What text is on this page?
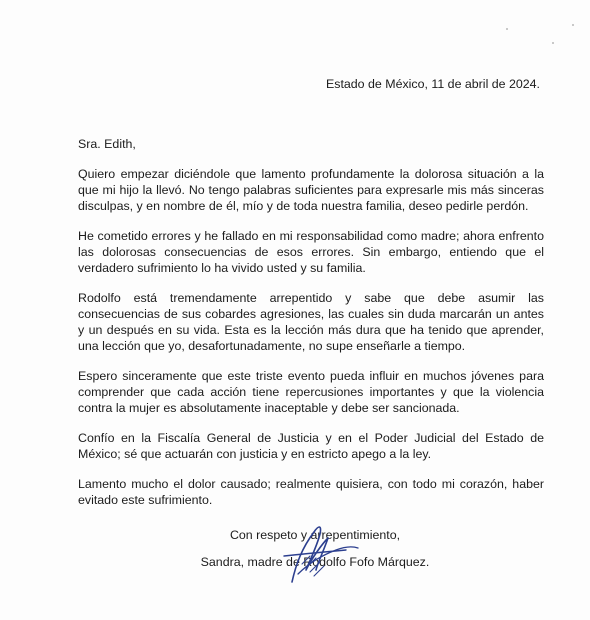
Estado de México, 11 de abril de 2024.
Sra. Edith,

Quiero empezar diciéndole que lamento profundamente la dolorosa situación a la que mi hijo la llevó. No tengo palabras suficientes para expresarle mis más sinceras disculpas, y en nombre de él, mío y de toda nuestra familia, deseo pedirle perdón.

He cometido errores y he fallado en mi responsabilidad como madre; ahora enfrento las dolorosas consecuencias de esos errores. Sin embargo, entiendo que el verdadero sufrimiento lo ha vivido usted y su familia.

Rodolfo está tremendamente arrepentido y sabe que debe asumir las consecuencias de sus cobardes agresiones, las cuales sin duda marcarán un antes y un después en su vida. Esta es la lección más dura que ha tenido que aprender, una lección que yo, desafortunadamente, no supe enseñarle a tiempo.

Espero sinceramente que este triste evento pueda influir en muchos jóvenes para comprender que cada acción tiene repercusiones importantes y que la violencia contra la mujer es absolutamente inaceptable y debe ser sancionada.

Confío en la Fiscalía General de Justicia y en el Poder Judicial del Estado de México; sé que actuarán con justicia y en estricto apego a la ley.

Lamento mucho el dolor causado; realmente quisiera, con todo mi corazón, haber evitado este sufrimiento.

Con respeto y arrepentimiento,
Sandra, madre de Rodolfo Fofo Márquez.
